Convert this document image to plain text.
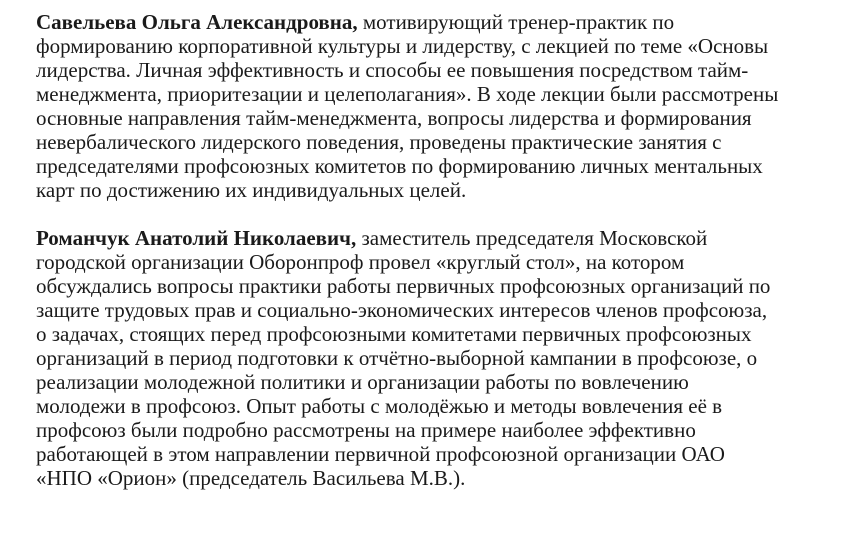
Савельева Ольга Александровна, мотивирующий тренер-практик по
формированию корпоративной культуры и лидерству, с лекцией по теме «Основы
лидерства. Личная эффективность и способы ее повышения посредством тайм-
менеджмента, приоритезации и целеполагания». В ходе лекции были рассмотрены
основные направления тайм-менеджмента, вопросы лидерства и формирования
невербалического лидерского поведения, проведены практические занятия с
председателями профсоюзных комитетов по формированию личных ментальных
карт по достижению их индивидуальных целей.

Романчук Анатолий Николаевич, заместитель председателя Московской
городской организации Оборонпроф провел «круглый стол», на котором
обсуждались вопросы практики работы первичных профсоюзных организаций по
защите трудовых прав и социально-экономических интересов членов профсоюза,
о задачах, стоящих перед профсоюзными комитетами первичных профсоюзных
организаций в период подготовки к отчётно-выборной кампании в профсоюзе, о
реализации молодежной политики и организации работы по вовлечению
молодежи в профсоюз. Опыт работы с молодёжью и методы вовлечения её в
профсоюз были подробно рассмотрены на примере наиболее эффективно
работающей в этом направлении первичной профсоюзной организации ОАО
«НПО «Орион» (председатель Васильева М.В.).
